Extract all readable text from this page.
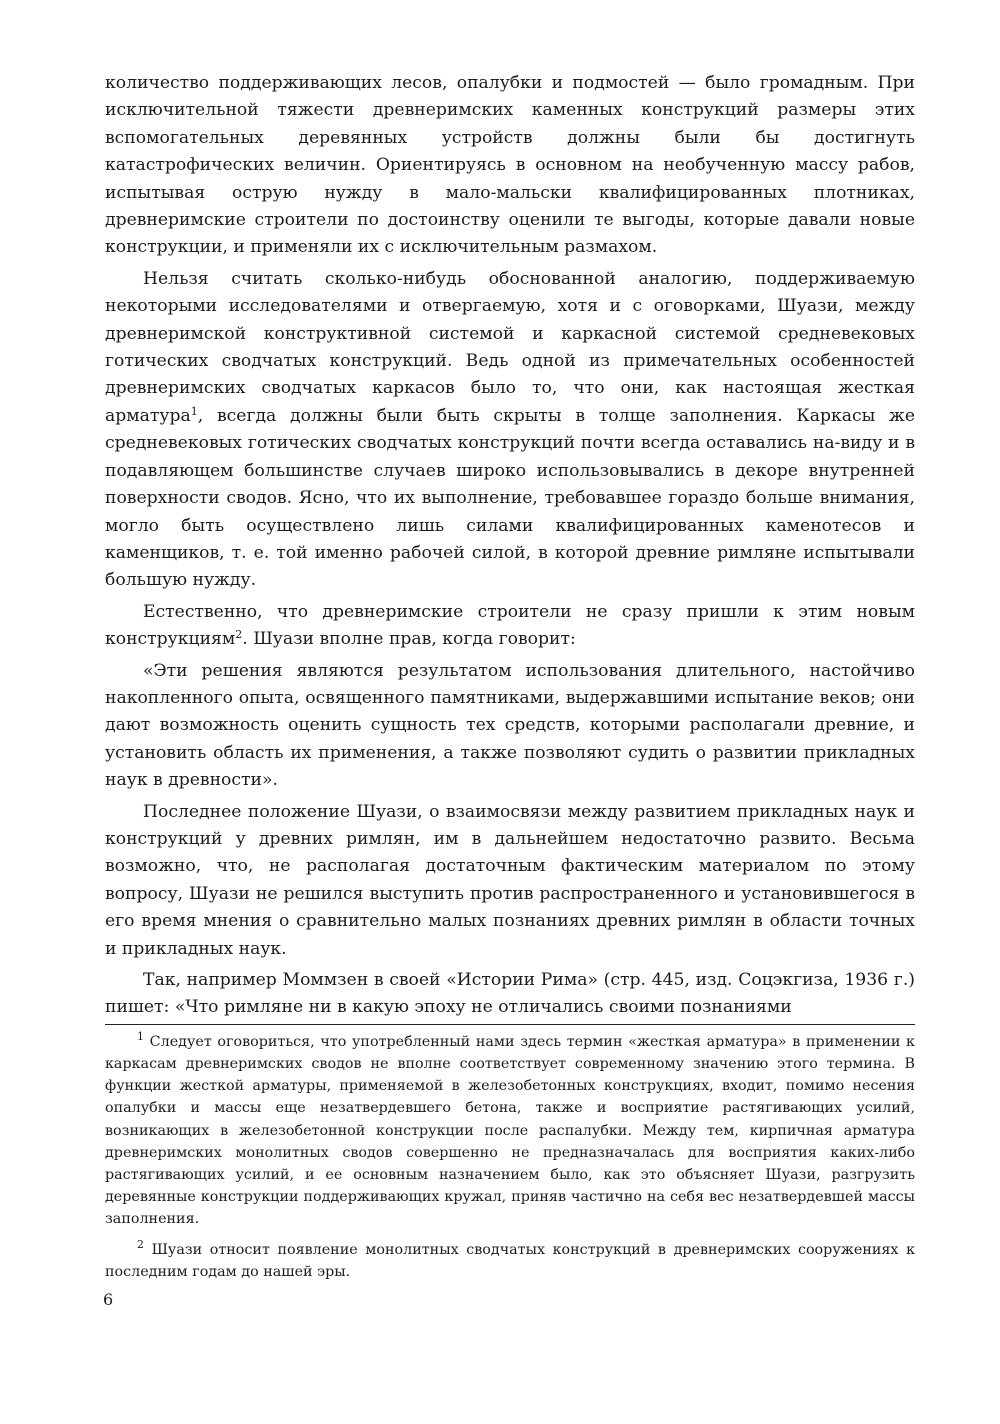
количество поддерживающих лесов, опалубки и подмостей — было громадным. При исключительной тяжести древнеримских каменных конструкций размеры этих вспомогательных деревянных устройств должны были бы достигнуть катастрофических величин. Ориентируясь в основном на необученную массу рабов, испытывая острую нужду в мало-мальски квалифицированных плотниках, древнеримские строители по достоинству оценили те выгоды, которые давали новые конструкции, и применяли их с исключительным размахом.

Нельзя считать сколько-нибудь обоснованной аналогию, поддерживаемую некоторыми исследователями и отвергаемую, хотя и с оговорками, Шуази, между древнеримской конструктивной системой и каркасной системой средневековых готических сводчатых конструкций. Ведь одной из примечательных особенностей древнеримских сводчатых каркасов было то, что они, как настоящая жесткая арматура$^1$, всегда должны были быть скрыты в толще заполнения. Каркасы же средневековых готических сводчатых конструкций почти всегда оставались на-виду и в подавляющем большинстве случаев широко использовывались в декоре внутренней поверхности сводов. Ясно, что их выполнение, требовавшее гораздо больше внимания, могло быть осуществлено лишь силами квалифицированных каменотесов и каменщиков, т. е. той именно рабочей силой, в которой древние римляне испытывали большую нужду.

Естественно, что древнеримские строители не сразу пришли к этим новым конструкциям$^2$. Шуази вполне прав, когда говорит:

«Эти решения являются результатом использования длительного, настойчиво накопленного опыта, освященного памятниками, выдержавшими испытание веков; они дают возможность оценить сущность тех средств, которыми располагали древние, и установить область их применения, а также позволяют судить о развитии прикладных наук в древности».

Последнее положение Шуази, о взаимосвязи между развитием прикладных наук и конструкций у древних римлян, им в дальнейшем недостаточно развито. Весьма возможно, что, не располагая достаточным фактическим материалом по этому вопросу, Шуази не решился выступить против распространенного и установившегося в его время мнения о сравнительно малых познаниях древних римлян в области точных и прикладных наук.

Так, например Моммзен в своей «Истории Рима» (стр. 445, изд. Соцэкгиза, 1936 г.) пишет: «Что римляне ни в какую эпоху не отличались своими познаниями

$^1$ Следует оговориться, что употребленный нами здесь термин «жесткая арматура» в применении к каркасам древнеримских сводов не вполне соответствует современному значению этого термина. В функции жесткой арматуры, применяемой в железобетонных конструкциях, входит, помимо несения опалубки и массы еще незатвердевшего бетона, также и восприятие растягивающих усилий, возникающих в железобетонной конструкции после распалубки. Между тем, кирпичная арматура древнеримских монолитных сводов совершенно не предназначалась для восприятия каких-либо растягивающих усилий, и ее основным назначением было, как это объясняет Шуази, разгрузить деревянные конструкции поддерживающих кружал, приняв частично на себя вес незатвердевшей массы заполнения.

$^2$ Шуази относит появление монолитных сводчатых конструкций в древнеримских сооружениях к последним годам до нашей эры.

6
